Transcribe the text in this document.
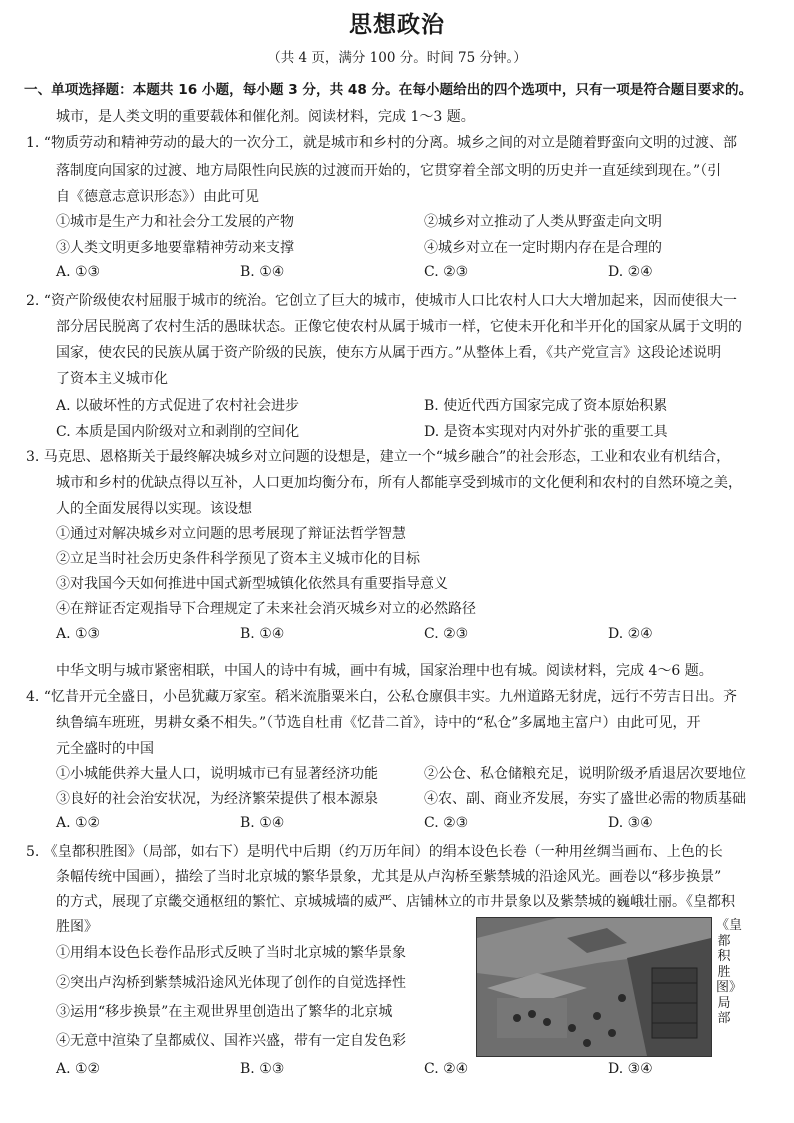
思想政治
（共 4 页，满分 100 分。时间 75 分钟。）
一、单项选择题：本题共 16 小题，每小题 3 分，共 48 分。在每小题给出的四个选项中，只有一项是符合题目要求的。
城市，是人类文明的重要载体和催化剂。阅读材料，完成 1～3 题。
1. “物质劳动和精神劳动的最大的一次分工，就是城市和乡村的分离。城乡之间的对立是随着野蛮向文明的过渡、部
落制度向国家的过渡、地方局限性向民族的过渡而开始的，它贯穿着全部文明的历史并一直延续到现在。”（引
自《德意志意识形态》）由此可见
①城市是生产力和社会分工发展的产物	②城乡对立推动了人类从野蛮走向文明
③人类文明更多地要靠精神劳动来支撑	④城乡对立在一定时期内存在是合理的
A. ①③	B. ①④	C. ②③	D. ②④
2. “资产阶级使农村屈服于城市的统治。它创立了巨大的城市，使城市人口比农村人口大大增加起来，因而使很大一
部分居民脱离了农村生活的愚昧状态。正像它使农村从属于城市一样，它使未开化和半开化的国家从属于文明的
国家，使农民的民族从属于资产阶级的民族，使东方从属于西方。”从整体上看，《共产党宣言》这段论述说明
了资本主义城市化
A. 以破坏性的方式促进了农村社会进步	B. 使近代西方国家完成了资本原始积累
C. 本质是国内阶级对立和剥削的空间化	D. 是资本实现对内对外扩张的重要工具
3. 马克思、恩格斯关于最终解决城乡对立问题的设想是，建立一个“城乡融合”的社会形态，工业和农业有机结合，
城市和乡村的优缺点得以互补，人口更加均衡分布，所有人都能享受到城市的文化便利和农村的自然环境之美，
人的全面发展得以实现。该设想
①通过对解决城乡对立问题的思考展现了辩证法哲学智慧
②立足当时社会历史条件科学预见了资本主义城市化的目标
③对我国今天如何推进中国式新型城镇化依然具有重要指导意义
④在辩证否定观指导下合理规定了未来社会消灭城乡对立的必然路径
A. ①③	B. ①④	C. ②③	D. ②④
中华文明与城市紧密相联，中国人的诗中有城，画中有城，国家治理中也有城。阅读材料，完成 4～6 题。
4. “忆昔开元全盛日，小邑犹藏万家室。稻米流脂粟米白，公私仓廪俱丰实。九州道路无豺虎，远行不劳吉日出。齐
纨鲁缟车班班，男耕女桑不相失。”（节选自杜甫《忆昔二首》，诗中的“私仓”多属地主富户）由此可见，开
元全盛时的中国
①小城能供养大量人口，说明城市已有显著经济功能	②公仓、私仓储粮充足，说明阶级矛盾退居次要地位
③良好的社会治安状况，为经济繁荣提供了根本源泉	④农、副、商业齐发展，夯实了盛世必需的物质基础
A. ①②	B. ①④	C. ②③	D. ③④
5. 《皇都积胜图》（局部，如右下）是明代中后期（约万历年间）的绢本设色长卷（一种用丝绸当画布、上色的长
条幅传统中国画），描绘了当时北京城的繁华景象，尤其是从卢沟桥至紫禁城的沿途风光。画卷以“移步换景”
的方式，展现了京畿交通枢纽的繁忙、京城城墙的威严、店铺林立的市井景象以及紫禁城的巍峨壮丽。《皇都积
胜图》
①用绢本设色长卷作品形式反映了当时北京城的繁华景象
②突出卢沟桥到紫禁城沿途风光体现了创作的自觉选择性
③运用“移步换景”在主观世界里创造出了繁华的北京城
④无意中渲染了皇都威仪、国祚兴盛，带有一定自发色彩
A. ①②	B. ①③	C. ②④	D. ③④
《皇都积胜图》局部
